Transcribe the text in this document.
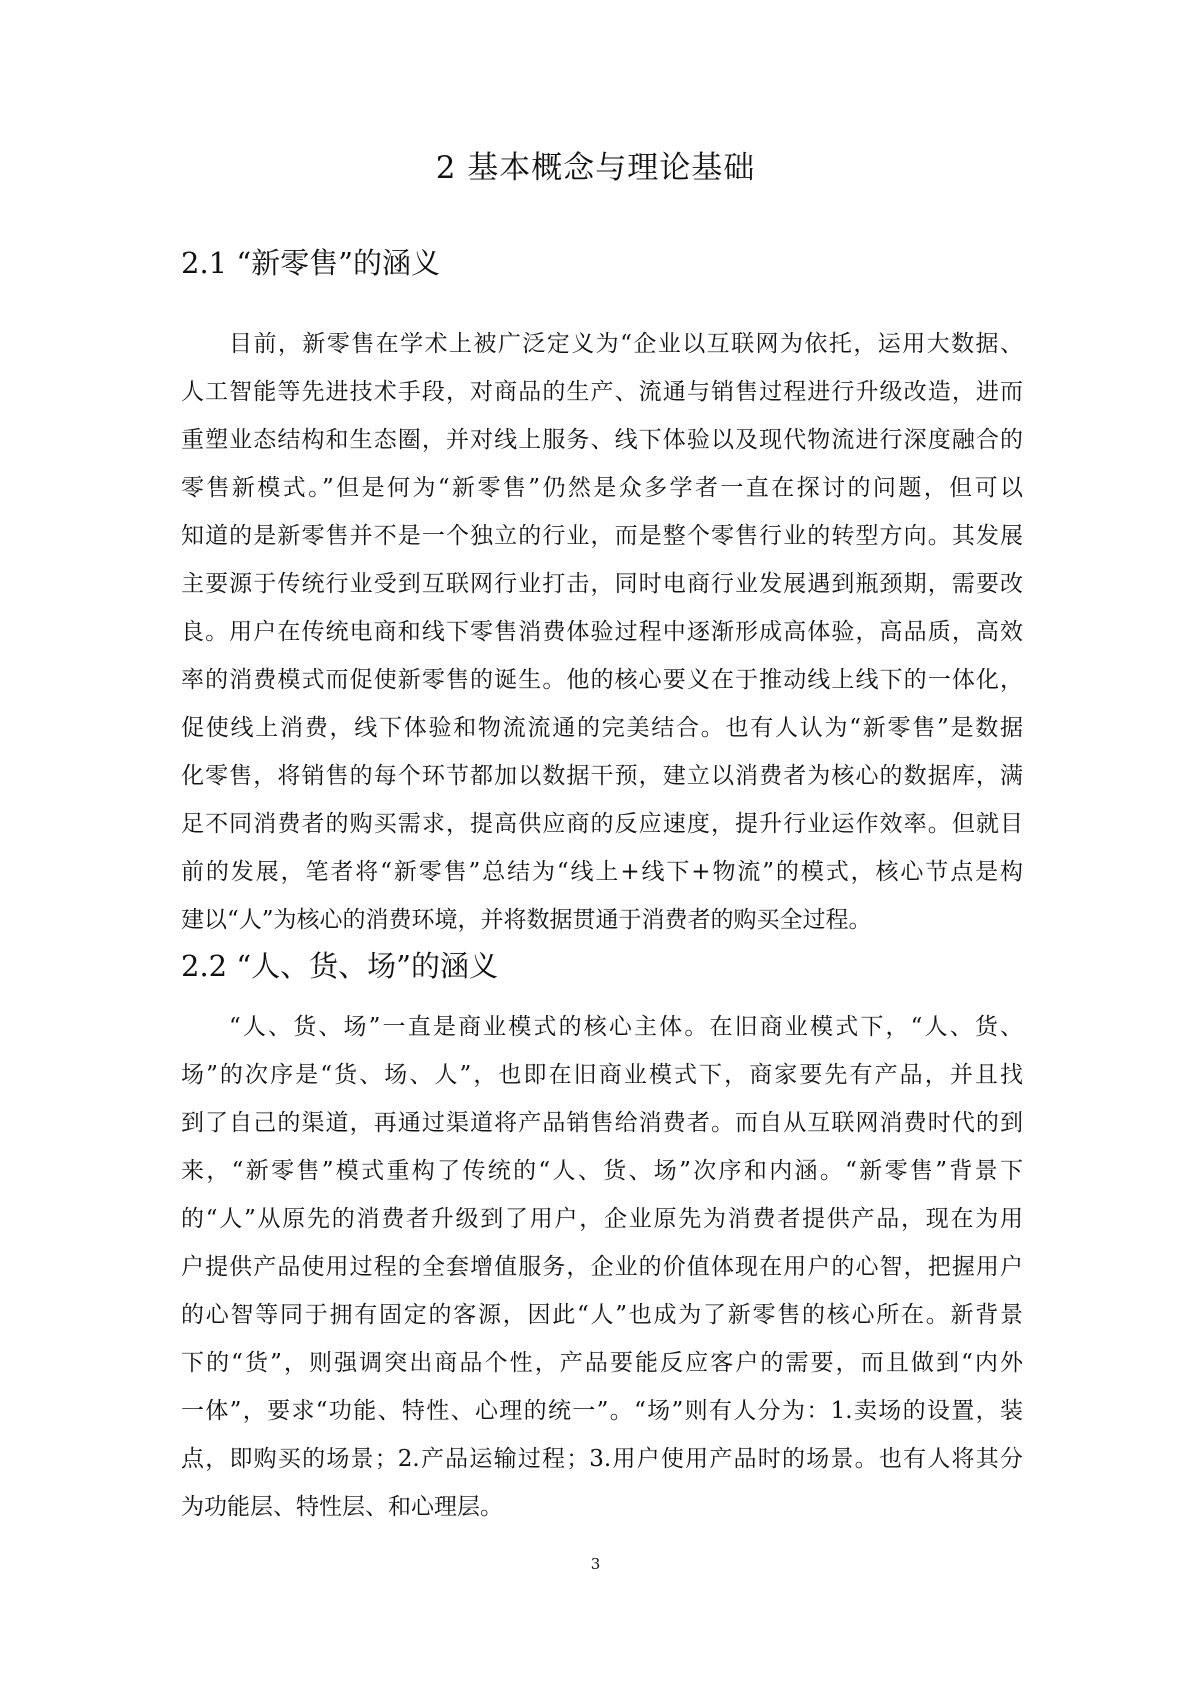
2 基本概念与理论基础
2.1 “新零售”的涵义
目前，新零售在学术上被广泛定义为“企业以互联网为依托，运用大数据、
人工智能等先进技术手段，对商品的生产、流通与销售过程进行升级改造，进而
重塑业态结构和生态圈，并对线上服务、线下体验以及现代物流进行深度融合的
零售新模式。”但是何为“新零售”仍然是众多学者一直在探讨的问题，但可以
知道的是新零售并不是一个独立的行业，而是整个零售行业的转型方向。其发展
主要源于传统行业受到互联网行业打击，同时电商行业发展遇到瓶颈期，需要改
良。用户在传统电商和线下零售消费体验过程中逐渐形成高体验，高品质，高效
率的消费模式而促使新零售的诞生。他的核心要义在于推动线上线下的一体化，
促使线上消费，线下体验和物流流通的完美结合。也有人认为“新零售”是数据
化零售，将销售的每个环节都加以数据干预，建立以消费者为核心的数据库，满
足不同消费者的购买需求，提高供应商的反应速度，提升行业运作效率。但就目
前的发展，笔者将“新零售”总结为“线上+线下+物流”的模式，核心节点是构
建以“人”为核心的消费环境，并将数据贯通于消费者的购买全过程。
2.2 “人、货、场”的涵义
“人、货、场”一直是商业模式的核心主体。在旧商业模式下，“人、货、
场”的次序是“货、场、人”，也即在旧商业模式下，商家要先有产品，并且找
到了自己的渠道，再通过渠道将产品销售给消费者。而自从互联网消费时代的到
来，“新零售”模式重构了传统的“人、货、场”次序和内涵。“新零售”背景下
的“人”从原先的消费者升级到了用户，企业原先为消费者提供产品，现在为用
户提供产品使用过程的全套增值服务，企业的价值体现在用户的心智，把握用户
的心智等同于拥有固定的客源，因此“人”也成为了新零售的核心所在。新背景
下的“货”，则强调突出商品个性，产品要能反应客户的需要，而且做到“内外
一体”，要求“功能、特性、心理的统一”。“场”则有人分为：1.卖场的设置，装
点，即购买的场景；2.产品运输过程；3.用户使用产品时的场景。也有人将其分
为功能层、特性层、和心理层。
3
